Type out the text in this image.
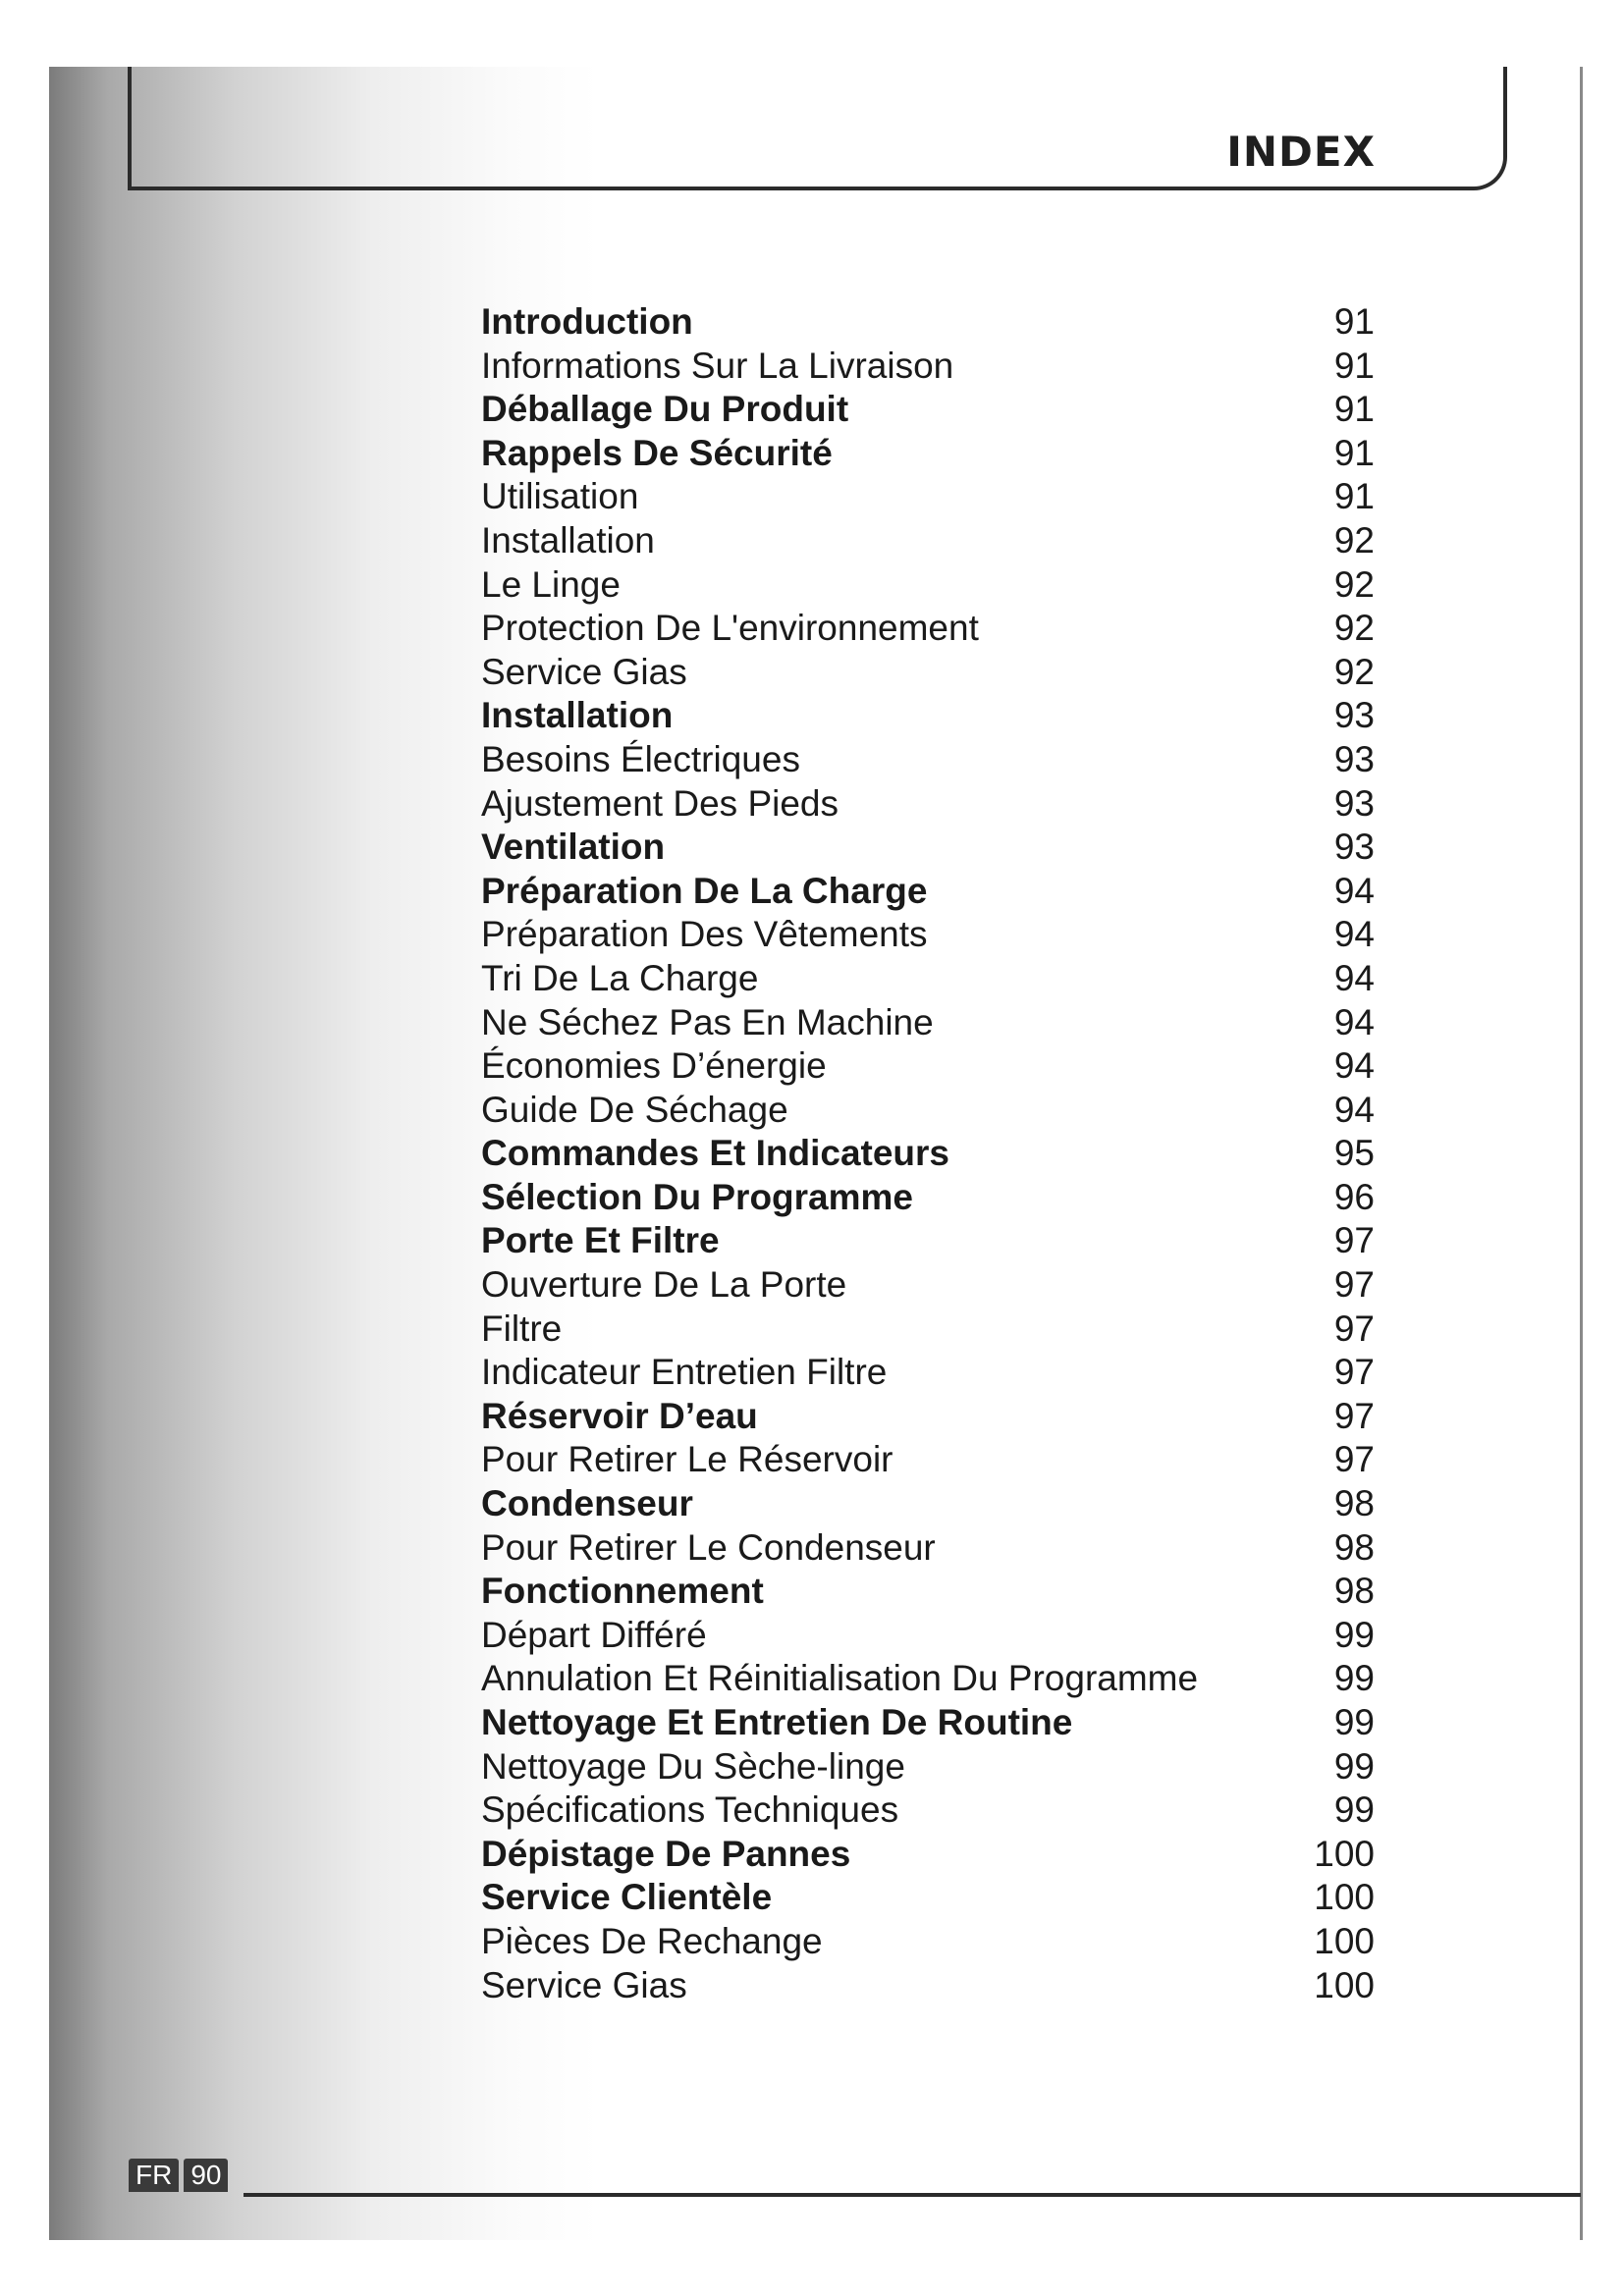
INDEX
Introduction	91
Informations Sur La Livraison	91
Déballage Du Produit	91
Rappels De Sécurité	91
Utilisation	91
Installation	92
Le Linge	92
Protection De L'environnement	92
Service Gias	92
Installation	93
Besoins Électriques	93
Ajustement Des Pieds	93
Ventilation	93
Préparation De La Charge	94
Préparation Des Vêtements	94
Tri De La Charge	94
Ne Séchez Pas En Machine	94
Économies D’énergie	94
Guide De Séchage	94
Commandes Et Indicateurs	95
Sélection Du Programme	96
Porte Et Filtre	97
Ouverture De La Porte	97
Filtre	97
Indicateur Entretien Filtre	97
Réservoir D’eau	97
Pour Retirer Le Réservoir	97
Condenseur	98
Pour Retirer Le Condenseur	98
Fonctionnement	98
Départ Différé	99
Annulation Et Réinitialisation Du Programme	99
Nettoyage Et Entretien De Routine	99
Nettoyage Du Sèche-linge	99
Spécifications Techniques	99
Dépistage De Pannes	100
Service Clientèle	100
Pièces De Rechange	100
Service Gias	100
FR 90
